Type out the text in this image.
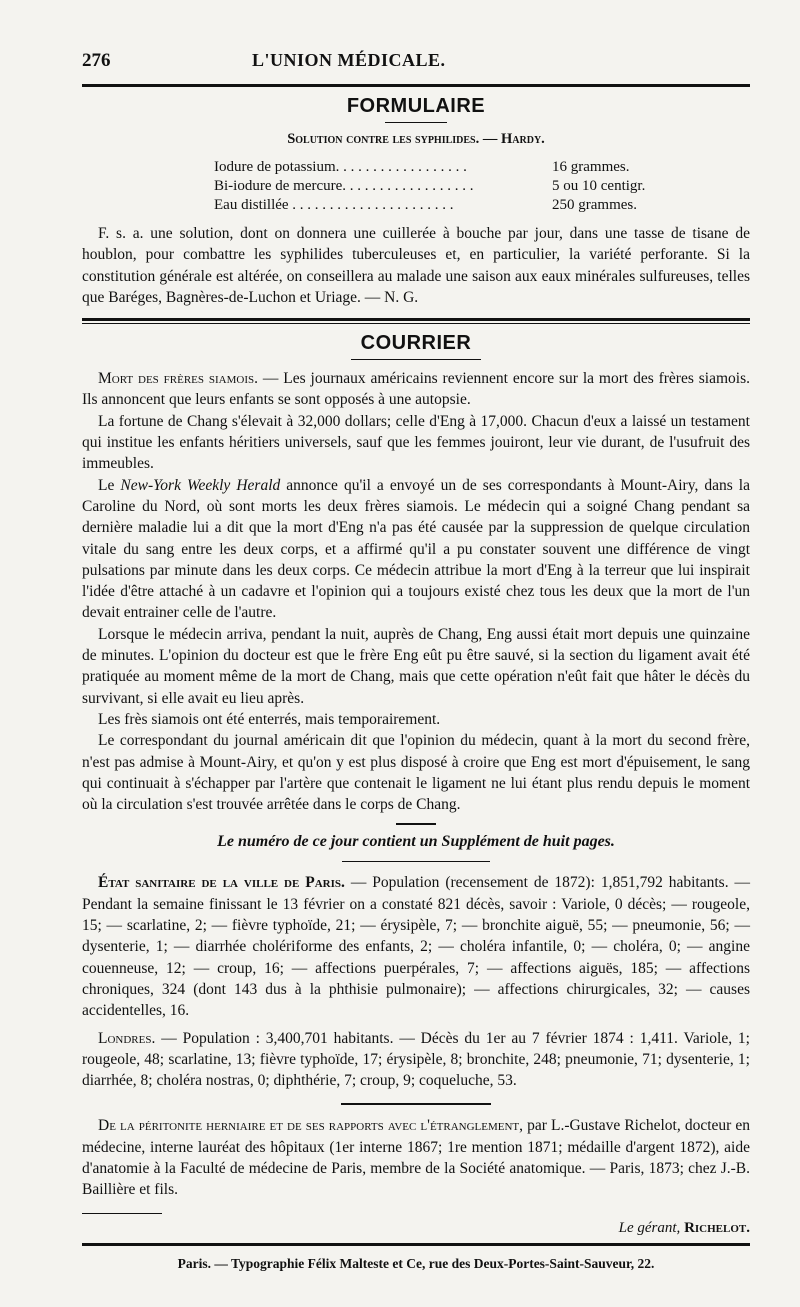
276	L'UNION MÉDICALE.
FORMULAIRE
Solution contre les syphilides. — Hardy.
Iodure de potassium. . . . . . . . . . . . . . . . . .	16 grammes.
Bi-iodure de mercure. . . . . . . . . . . . . . . . . .	5 ou 10 centigr.
Eau distillée . . . . . . . . . . . . . . . . . . . . . .	250 grammes.

F. s. a. une solution, dont on donnera une cuillerée à bouche par jour, dans une tasse de tisane de houblon, pour combattre les syphilides tuberculeuses et, en particulier, la variété perforante. Si la constitution générale est altérée, on conseillera au malade une saison aux eaux minérales sulfureuses, telles que Baréges, Bagnères-de-Luchon et Uriage. — N. G.

COURRIER

Mort des frères siamois. — Les journaux américains reviennent encore sur la mort des frères siamois. Ils annoncent que leurs enfants se sont opposés à une autopsie.

La fortune de Chang s'élevait à 32,000 dollars; celle d'Eng à 17,000. Chacun d'eux a laissé un testament qui institue les enfants héritiers universels, sauf que les femmes jouiront, leur vie durant, de l'usufruit des immeubles.

Le New-York Weekly Herald annonce qu'il a envoyé un de ses correspondants à Mount-Airy, dans la Caroline du Nord, où sont morts les deux frères siamois. Le médecin qui a soigné Chang pendant sa dernière maladie lui a dit que la mort d'Eng n'a pas été causée par la suppression de quelque circulation vitale du sang entre les deux corps, et a affirmé qu'il a pu constater souvent une différence de vingt pulsations par minute dans les deux corps. Ce médecin attribue la mort d'Eng à la terreur que lui inspirait l'idée d'être attaché à un cadavre et l'opinion qui a toujours existé chez tous les deux que la mort de l'un devait entrainer celle de l'autre.

Lorsque le médecin arriva, pendant la nuit, auprès de Chang, Eng aussi était mort depuis une quinzaine de minutes. L'opinion du docteur est que le frère Eng eût pu être sauvé, si la section du ligament avait été pratiquée au moment même de la mort de Chang, mais que cette opération n'eût fait que hâter le décès du survivant, si elle avait eu lieu après.

Les frès siamois ont été enterrés, mais temporairement.

Le correspondant du journal américain dit que l'opinion du médecin, quant à la mort du second frère, n'est pas admise à Mount-Airy, et qu'on y est plus disposé à croire que Eng est mort d'épuisement, le sang qui continuait à s'échapper par l'artère que contenait le ligament ne lui étant plus rendu depuis le moment où la circulation s'est trouvée arrêtée dans le corps de Chang.

Le numéro de ce jour contient un Supplément de huit pages.

État sanitaire de la ville de Paris. — Population (recensement de 1872): 1,851,792 habitants. — Pendant la semaine finissant le 13 février on a constaté 821 décès, savoir : Variole, 0 décès; — rougeole, 15; — scarlatine, 2; — fièvre typhoïde, 21; — érysipèle, 7; — bronchite aiguë, 55; — pneumonie, 56; — dysenterie, 1; — diarrhée cholériforme des enfants, 2; — choléra infantile, 0; — choléra, 0; — angine couenneuse, 12; — croup, 16; — affections puerpérales, 7; — affections aiguës, 185; — affections chroniques, 324 (dont 143 dus à la phthisie pulmonaire); — affections chirurgicales, 32; — causes accidentelles, 16.

Londres. — Population : 3,400,701 habitants. — Décès du 1er au 7 février 1874 : 1,411. Variole, 1; rougeole, 48; scarlatine, 13; fièvre typhoïde, 17; érysipèle, 8; bronchite, 248; pneumonie, 71; dysenterie, 1; diarrhée, 8; choléra nostras, 0; diphthérie, 7; croup, 9; coqueluche, 53.

De la péritonite herniaire et de ses rapports avec l'étranglement, par L.-Gustave Richelot, docteur en médecine, interne lauréat des hôpitaux (1er interne 1867; 1re mention 1871; médaille d'argent 1872), aide d'anatomie à la Faculté de médecine de Paris, membre de la Société anatomique. — Paris, 1873; chez J.-B. Baillière et fils.

Le gérant, Richelot.
Paris. — Typographie Félix Malteste et Ce, rue des Deux-Portes-Saint-Sauveur, 22.
